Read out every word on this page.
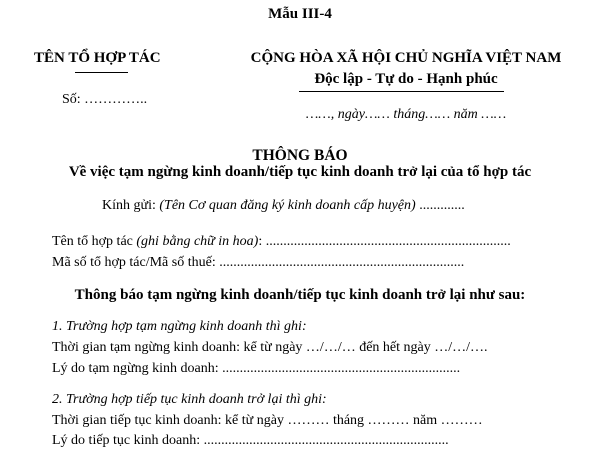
Mẫu III-4
TÊN TỔ HỢP TÁC
Số: …………..
CỘNG HÒA XÃ HỘI CHỦ NGHĨA VIỆT NAM
Độc lập - Tự do - Hạnh phúc
……, ngày…… tháng…… năm ……
THÔNG BÁO
Về việc tạm ngừng kinh doanh/tiếp tục kinh doanh trở lại của tổ hợp tác
Kính gửi: (Tên Cơ quan đăng ký kinh doanh cấp huyện) .............
Tên tổ hợp tác (ghi bằng chữ in hoa): ......................................................................
Mã số tổ hợp tác/Mã số thuế: ......................................................................
Thông báo tạm ngừng kinh doanh/tiếp tục kinh doanh trở lại như sau:
1. Trường hợp tạm ngừng kinh doanh thì ghi:
Thời gian tạm ngừng kinh doanh: kể từ ngày …/…/… đến hết ngày …/…/….
Lý do tạm ngừng kinh doanh: ....................................................................
2. Trường hợp tiếp tục kinh doanh trở lại thì ghi:
Thời gian tiếp tục kinh doanh: kể từ ngày ……… tháng ……… năm ………
Lý do tiếp tục kinh doanh: ......................................................................
